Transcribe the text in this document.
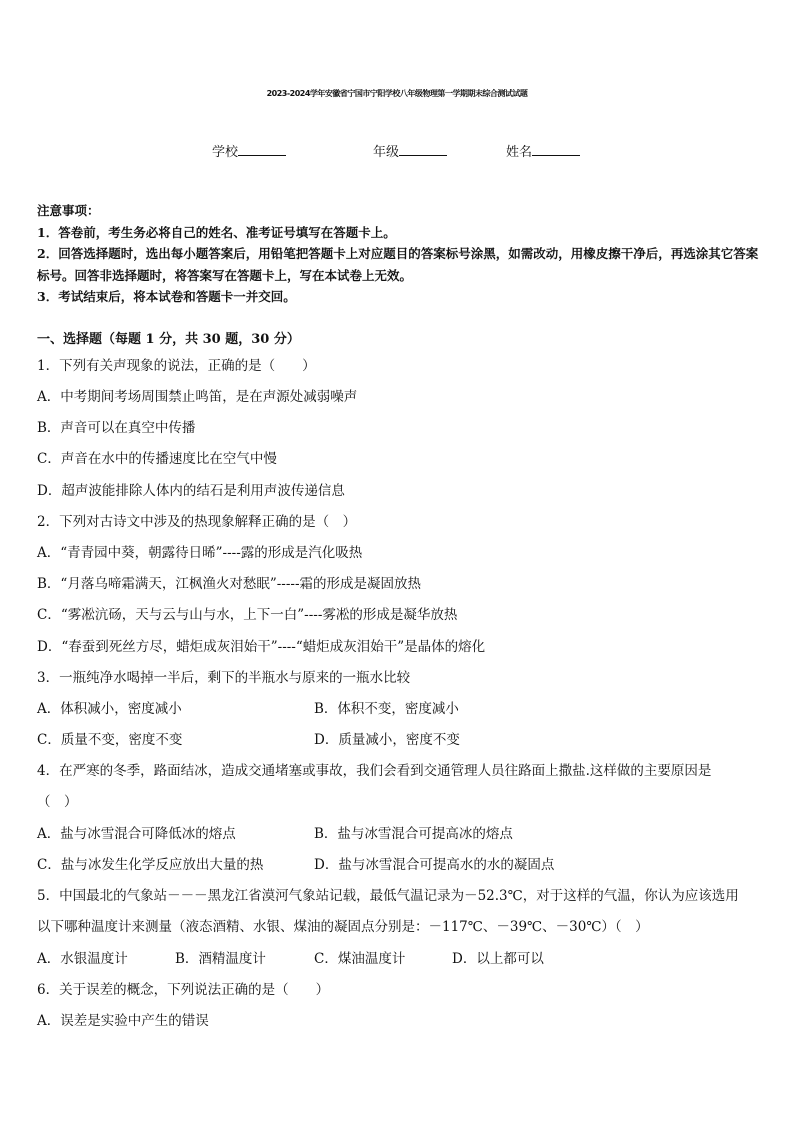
2023-2024学年安徽省宁国市宁阳学校八年级物理第一学期期末综合测试试题
学校	年级	姓名

注意事项：

1．答卷前，考生务必将自己的姓名、准考证号填写在答题卡上。

2．回答选择题时，选出每小题答案后，用铅笔把答题卡上对应题目的答案标号涂黑，如需改动，用橡皮擦干净后，再选涂其它答案标号。回答非选择题时，将答案写在答题卡上，写在本试卷上无效。

3．考试结束后，将本试卷和答题卡一并交回。

一、选择题（每题 1 分，共 30 题，30 分）
1．下列有关声现象的说法，正确的是（　　）
A．中考期间考场周围禁止鸣笛，是在声源处减弱噪声
B．声音可以在真空中传播
C．声音在水中的传播速度比在空气中慢
D．超声波能排除人体内的结石是利用声波传递信息
2．下列对古诗文中涉及的热现象解释正确的是（　）
A．“青青园中葵，朝露待日晞”----露的形成是汽化吸热
B．“月落乌啼霜满天，江枫渔火对愁眠”-----霜的形成是凝固放热
C．“雾凇沆砀，天与云与山与水，上下一白”----雾凇的形成是凝华放热
D．“春蚕到死丝方尽，蜡炬成灰泪始干”----“蜡炬成灰泪始干”是晶体的熔化
3．一瓶纯净水喝掉一半后，剩下的半瓶水与原来的一瓶水比较
A．体积减小，密度减小	B．体积不变，密度减小
C．质量不变，密度不变	D．质量减小，密度不变
4．在严寒的冬季，路面结冰，造成交通堵塞或事故，我们会看到交通管理人员往路面上撒盐.这样做的主要原因是
（　）
A．盐与冰雪混合可降低冰的熔点	B．盐与冰雪混合可提高冰的熔点
C．盐与冰发生化学反应放出大量的热	D．盐与冰雪混合可提高水的水的凝固点
5．中国最北的气象站－－－黑龙江省漠河气象站记载，最低气温记录为－52.3℃，对于这样的气温，你认为应该选用
以下哪种温度计来测量（液态酒精、水银、煤油的凝固点分别是：－117℃、－39℃、－30℃）（　）
A．水银温度计	B．酒精温度计	C．煤油温度计	D．以上都可以
6．关于误差的概念，下列说法正确的是（　　）
A．误差是实验中产生的错误
